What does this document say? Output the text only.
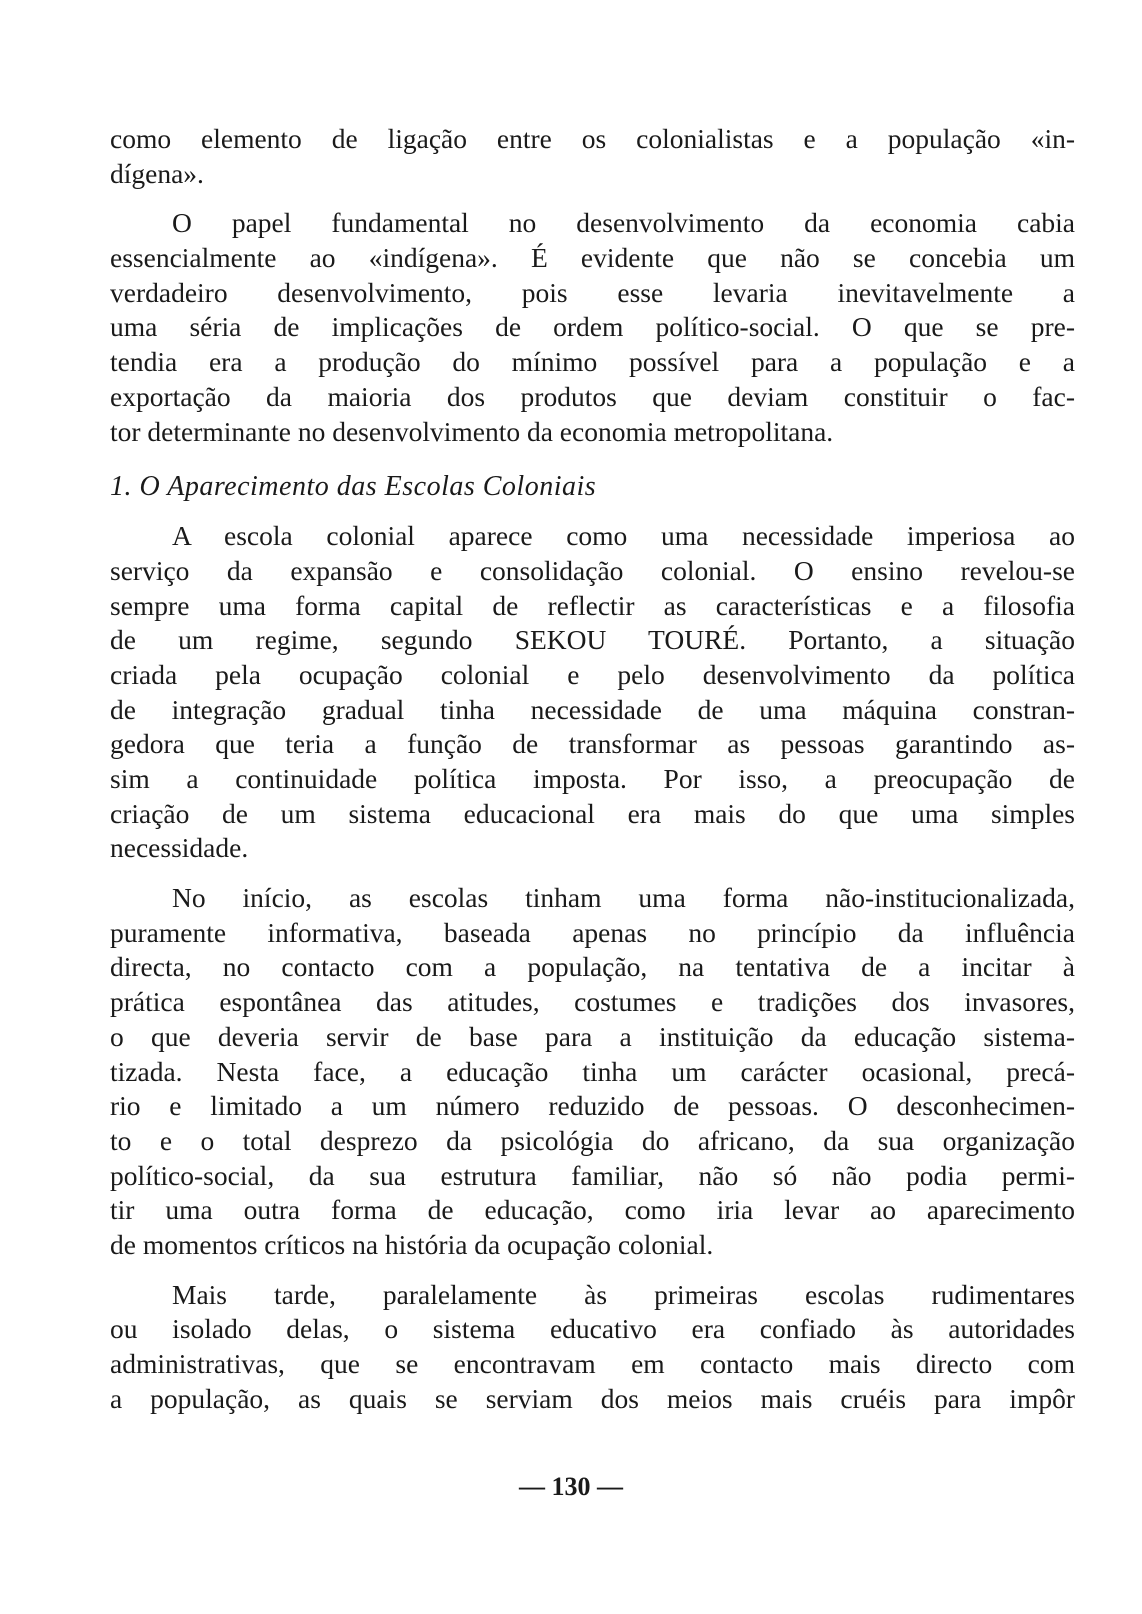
como elemento de ligação entre os colonialistas e a população «in-
dígena».
O papel fundamental no desenvolvimento da economia cabia
essencialmente ao «indígena». É evidente que não se concebia um
verdadeiro desenvolvimento, pois esse levaria inevitavelmente a
uma séria de implicações de ordem político-social. O que se pre-
tendia era a produção do mínimo possível para a população e a
exportação da maioria dos produtos que deviam constituir o fac-
tor determinante no desenvolvimento da economia metropolitana.
1. O Aparecimento das Escolas Coloniais
A escola colonial aparece como uma necessidade imperiosa ao
serviço da expansão e consolidação colonial. O ensino revelou-se
sempre uma forma capital de reflectir as características e a filosofia
de um regime, segundo SEKOU TOURÉ. Portanto, a situação
criada pela ocupação colonial e pelo desenvolvimento da política
de integração gradual tinha necessidade de uma máquina constran-
gedora que teria a função de transformar as pessoas garantindo as-
sim a continuidade política imposta. Por isso, a preocupação de
criação de um sistema educacional era mais do que uma simples
necessidade.
No início, as escolas tinham uma forma não-institucionalizada,
puramente informativa, baseada apenas no princípio da influência
directa, no contacto com a população, na tentativa de a incitar à
prática espontânea das atitudes, costumes e tradições dos invasores,
o que deveria servir de base para a instituição da educação sistema-
tizada. Nesta face, a educação tinha um carácter ocasional, precá-
rio e limitado a um número reduzido de pessoas. O desconhecimen-
to e o total desprezo da psicológia do africano, da sua organização
político-social, da sua estrutura familiar, não só não podia permi-
tir uma outra forma de educação, como iria levar ao aparecimento
de momentos críticos na história da ocupação colonial.
Mais tarde, paralelamente às primeiras escolas rudimentares
ou isolado delas, o sistema educativo era confiado às autoridades
administrativas, que se encontravam em contacto mais directo com
a população, as quais se serviam dos meios mais cruéis para impôr
— 130 —
